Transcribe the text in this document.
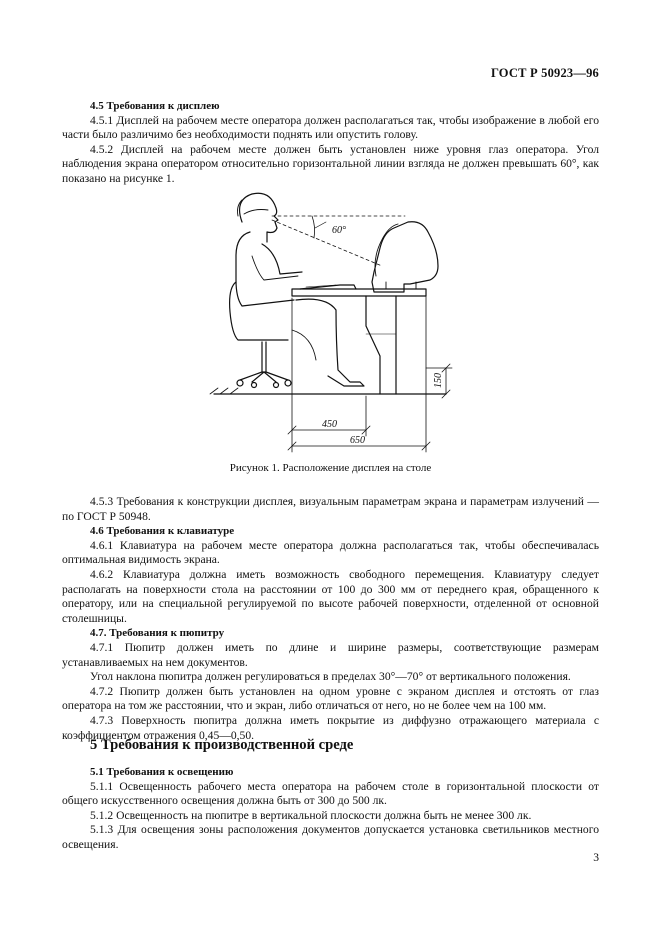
ГОСТ Р 50923—96

4.5 Требования к дисплею

4.5.1 Дисплей на рабочем месте оператора должен располагаться так, чтобы изображение в любой его части было различимо без необходимости поднять или опустить голову.

4.5.2 Дисплей на рабочем месте должен быть установлен ниже уровня глаз оператора. Угол наблюдения экрана оператором относительно горизонтальной линии взгляда не должен превышать 60°, как показано на рисунке 1.

60°
150
450
650
Рисунок 1. Расположение дисплея на столе

4.5.3 Требования к конструкции дисплея, визуальным параметрам экрана и параметрам излучений — по ГОСТ Р 50948.

4.6 Требования к клавиатуре

4.6.1 Клавиатура на рабочем месте оператора должна располагаться так, чтобы обеспечивалась оптимальная видимость экрана.

4.6.2 Клавиатура должна иметь возможность свободного перемещения. Клавиатуру следует располагать на поверхности стола на расстоянии от 100 до 300 мм от переднего края, обращенного к оператору, или на специальной регулируемой по высоте рабочей поверхности, отделенной от основной столешницы.

4.7. Требования к пюпитру

4.7.1 Пюпитр должен иметь по длине и ширине размеры, соответствующие размерам устанавливаемых на нем документов.

Угол наклона пюпитра должен регулироваться в пределах 30°—70° от вертикального положения.

4.7.2 Пюпитр должен быть установлен на одном уровне с экраном дисплея и отстоять от глаз оператора на том же расстоянии, что и экран, либо отличаться от него, но не более чем на 100 мм.

4.7.3 Поверхность пюпитра должна иметь покрытие из диффузно отражающего материала с коэффициентом отражения 0,45—0,50.

5 Требования к производственной среде

5.1 Требования к освещению

5.1.1 Освещенность рабочего места оператора на рабочем столе в горизонтальной плоскости от общего искусственного освещения должна быть от 300 до 500 лк.

5.1.2 Освещенность на пюпитре в вертикальной плоскости должна быть не менее 300 лк.

5.1.3 Для освещения зоны расположения документов допускается установка светильников местного освещения.

3
